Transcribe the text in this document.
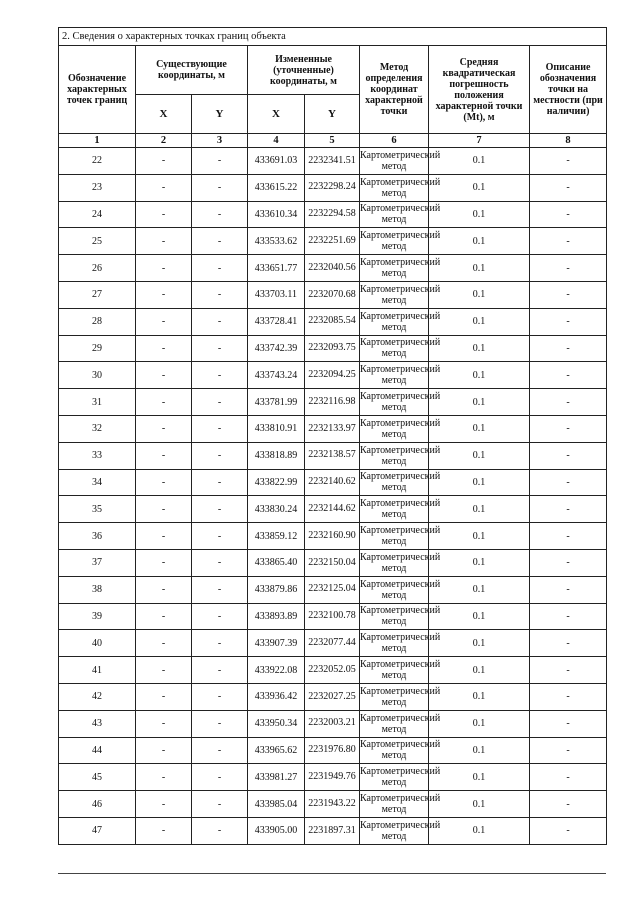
2. Сведения о характерных точках границ объекта							
Обозначение характерных точек границ	Существующие координаты, м		Измененные (уточненные) координаты, м		Метод определения координат характерной точки	Средняя квадратическая погрешность положения характерной точки (Mt), м	Описание обозначения точки на местности (при наличии)
	X	Y	X	Y			
1	2	3	4	5	6	7	8
22	-	-	433691.03	2232341.51	Картометрический метод	0.1	-
23	-	-	433615.22	2232298.24	Картометрический метод	0.1	-
24	-	-	433610.34	2232294.58	Картометрический метод	0.1	-
25	-	-	433533.62	2232251.69	Картометрический метод	0.1	-
26	-	-	433651.77	2232040.56	Картометрический метод	0.1	-
27	-	-	433703.11	2232070.68	Картометрический метод	0.1	-
28	-	-	433728.41	2232085.54	Картометрический метод	0.1	-
29	-	-	433742.39	2232093.75	Картометрический метод	0.1	-
30	-	-	433743.24	2232094.25	Картометрический метод	0.1	-
31	-	-	433781.99	2232116.98	Картометрический метод	0.1	-
32	-	-	433810.91	2232133.97	Картометрический метод	0.1	-
33	-	-	433818.89	2232138.57	Картометрический метод	0.1	-
34	-	-	433822.99	2232140.62	Картометрический метод	0.1	-
35	-	-	433830.24	2232144.62	Картометрический метод	0.1	-
36	-	-	433859.12	2232160.90	Картометрический метод	0.1	-
37	-	-	433865.40	2232150.04	Картометрический метод	0.1	-
38	-	-	433879.86	2232125.04	Картометрический метод	0.1	-
39	-	-	433893.89	2232100.78	Картометрический метод	0.1	-
40	-	-	433907.39	2232077.44	Картометрический метод	0.1	-
41	-	-	433922.08	2232052.05	Картометрический метод	0.1	-
42	-	-	433936.42	2232027.25	Картометрический метод	0.1	-
43	-	-	433950.34	2232003.21	Картометрический метод	0.1	-
44	-	-	433965.62	2231976.80	Картометрический метод	0.1	-
45	-	-	433981.27	2231949.76	Картометрический метод	0.1	-
46	-	-	433985.04	2231943.22	Картометрический метод	0.1	-
47	-	-	433905.00	2231897.31	Картометрический метод	0.1	-
